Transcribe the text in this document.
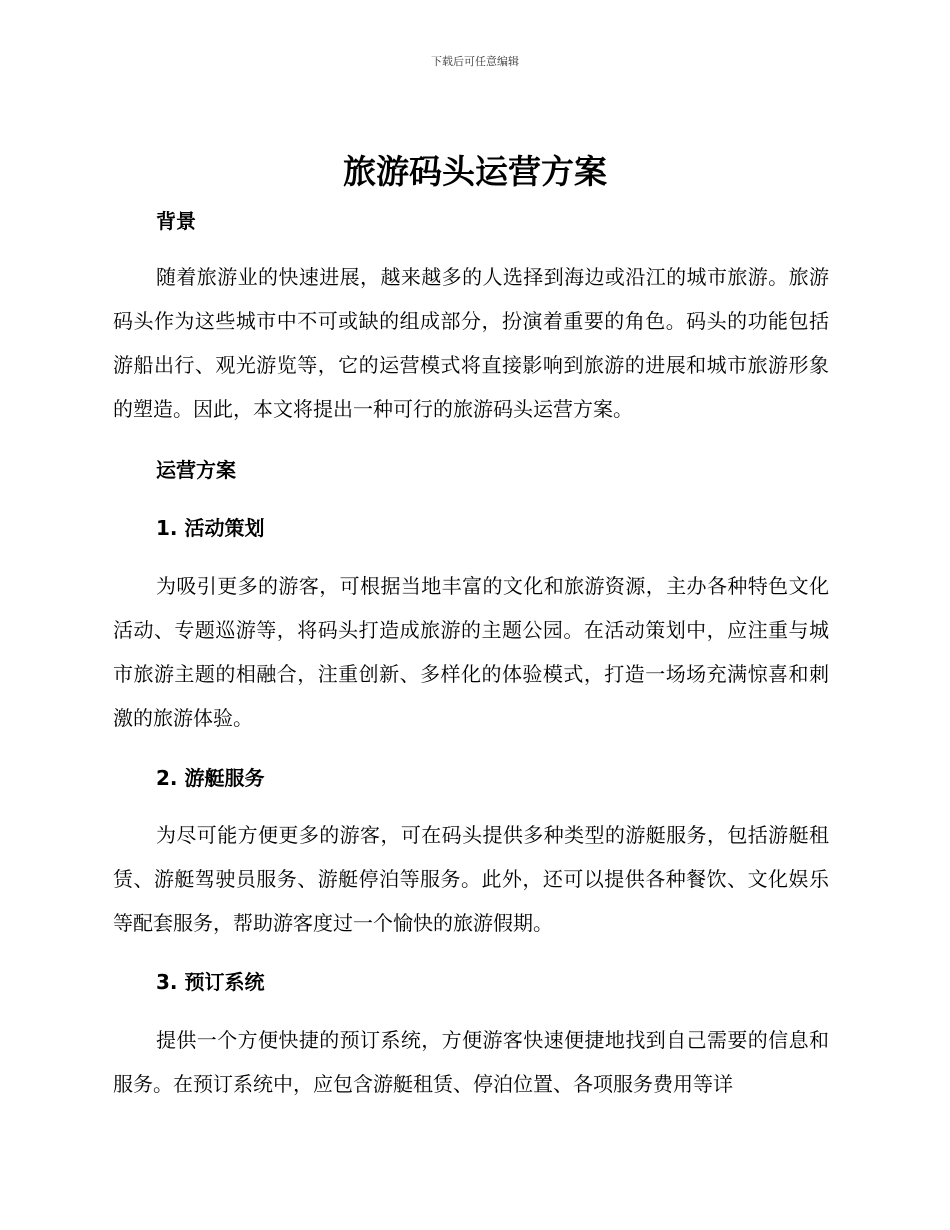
下载后可任意编辑
旅游码头运营方案
背景

随着旅游业的快速进展，越来越多的人选择到海边或沿江的城市旅游。旅游码头作为这些城市中不可或缺的组成部分，扮演着重要的角色。码头的功能包括游船出行、观光游览等，它的运营模式将直接影响到旅游的进展和城市旅游形象的塑造。因此，本文将提出一种可行的旅游码头运营方案。

运营方案
1. 活动策划

为吸引更多的游客，可根据当地丰富的文化和旅游资源，主办各种特色文化活动、专题巡游等，将码头打造成旅游的主题公园。在活动策划中，应注重与城市旅游主题的相融合，注重创新、多样化的体验模式，打造一场场充满惊喜和刺激的旅游体验。

2. 游艇服务

为尽可能方便更多的游客，可在码头提供多种类型的游艇服务，包括游艇租赁、游艇驾驶员服务、游艇停泊等服务。此外，还可以提供各种餐饮、文化娱乐等配套服务，帮助游客度过一个愉快的旅游假期。

3. 预订系统

提供一个方便快捷的预订系统，方便游客快速便捷地找到自己需要的信息和服务。在预订系统中，应包含游艇租赁、停泊位置、各项服务费用等详
